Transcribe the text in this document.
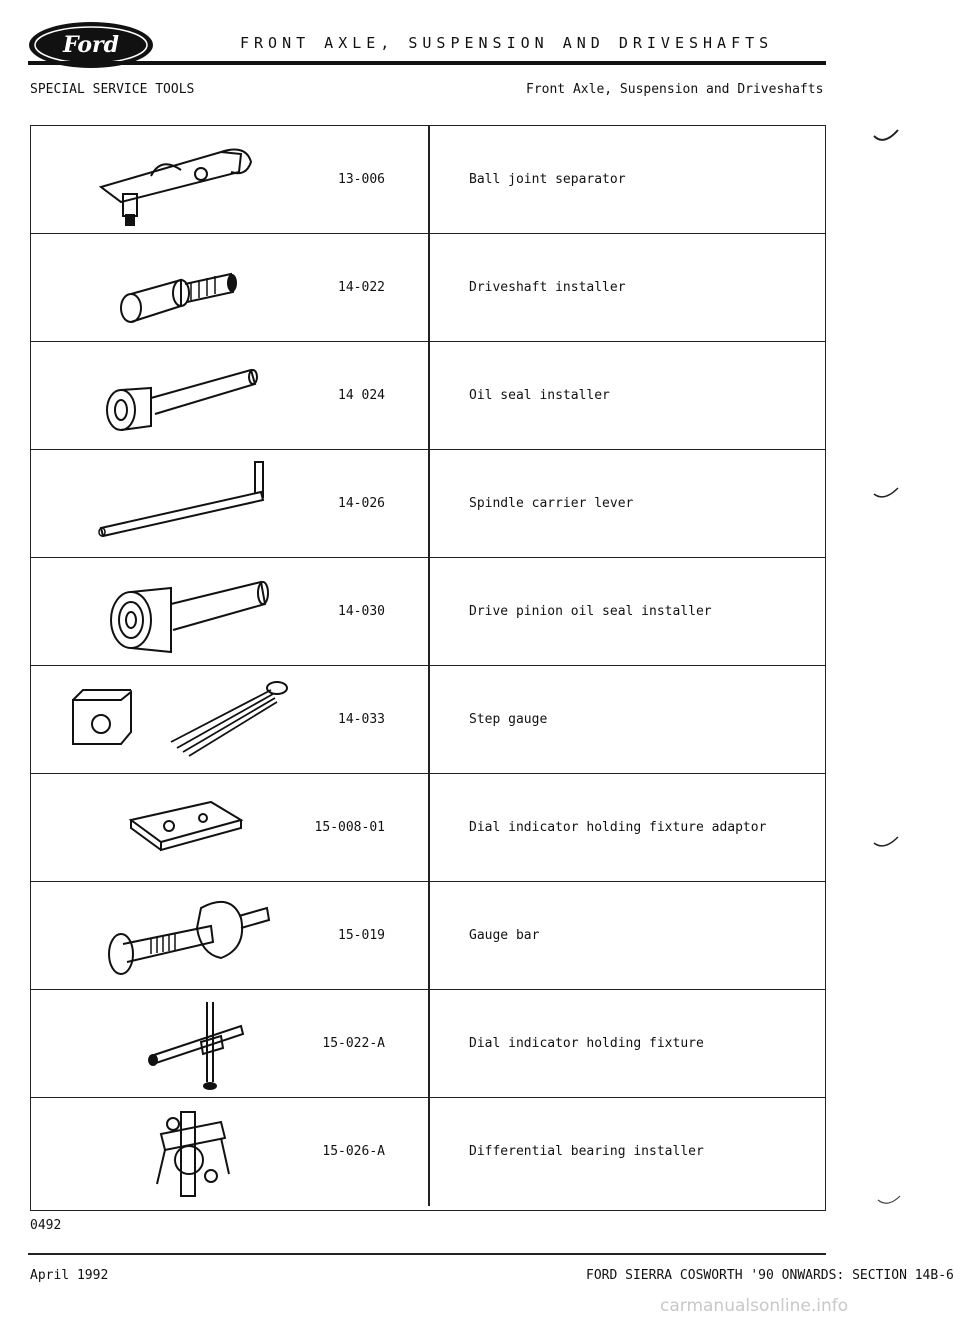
Ford	FRONT AXLE, SUSPENSION AND DRIVESHAFTS
SPECIAL SERVICE TOOLS	Front Axle, Suspension and Driveshafts
13-006	Ball joint separator
14-022	Driveshaft installer
14 024	Oil seal installer
14-026	Spindle carrier lever
14-030	Drive pinion oil seal installer
14-033	Step gauge
15-008-01	Dial indicator holding fixture adaptor
15-019	Gauge bar
15-022-A	Dial indicator holding fixture
15-026-A	Differential bearing installer
0492
April 1992	FORD SIERRA COSWORTH '90 ONWARDS: SECTION 14B-6
carmanualsonline.info
